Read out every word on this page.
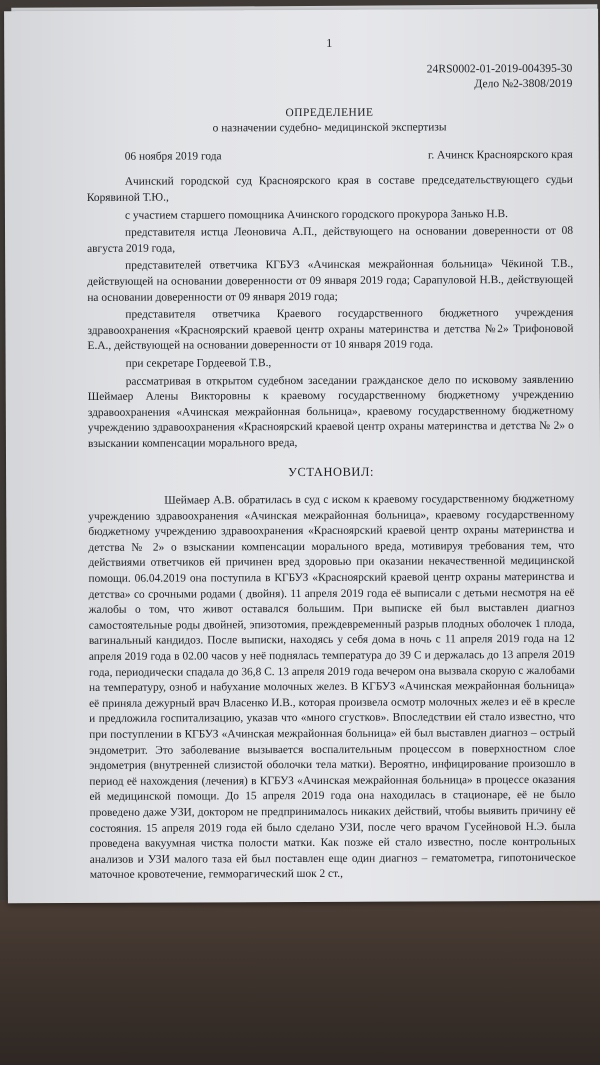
1
24RS0002-01-2019-004395-30
Дело №2-3808/2019
ОПРЕДЕЛЕНИЕ
о назначении судебно- медицинской экспертизы
06 ноября 2019 года	г. Ачинск Красноярского края

Ачинский городской суд Красноярского края в составе председательствующего судьи Корявиной Т.Ю.,

с участием старшего помощника Ачинского городского прокурора Занько Н.В.

представителя истца Леоновича А.П., действующего на основании доверенности от 08 августа 2019 года,

представителей ответчика КГБУЗ «Ачинская межрайонная больница» Чёкиной Т.В., действующей на основании доверенности от 09 января 2019 года; Сарапуловой Н.В., действующей на основании доверенности от 09 января 2019 года;

представителя ответчика Краевого государственного бюджетного учреждения здравоохранения «Красноярский краевой центр охраны материнства и детства №2» Трифоновой Е.А., действующей на основании доверенности от 10 января 2019 года.

при секретаре Гордеевой Т.В.,

рассматривая в открытом судебном заседании гражданское дело по исковому заявлению Шеймаер Алены Викторовны к краевому государственному бюджетному учреждению здравоохранения «Ачинская межрайонная больница», краевому государственному бюджетному учреждению здравоохранения «Красноярский краевой центр охраны материнства и детства № 2» о взыскании компенсации морального вреда,

УСТАНОВИЛ:

Шеймаер А.В. обратилась в суд с иском к краевому государственному бюджетному учреждению здравоохранения «Ачинская межрайонная больница», краевому государственному бюджетному учреждению здравоохранения «Красноярский краевой центр охраны материнства и детства № 2» о взыскании компенсации морального вреда, мотивируя требования тем, что действиями ответчиков ей причинен вред здоровью при оказании некачественной медицинской помощи. 06.04.2019 она поступила в КГБУЗ «Красноярский краевой центр охраны материнства и детства» со срочными родами ( двойня). 11 апреля 2019 года её выписали с детьми несмотря на её жалобы о том, что живот оставался большим. При выписке ей был выставлен диагноз самостоятельные роды двойней, эпизотомия, преждевременный разрыв плодных оболочек 1 плода, вагинальный кандидоз. После выписки, находясь у себя дома в ночь с 11 апреля 2019 года на 12 апреля 2019 года в 02.00 часов у неё поднялась температура до 39 С и держалась до 13 апреля 2019 года, периодически спадала до 36,8 С. 13 апреля 2019 года вечером она вызвала скорую с жалобами на температуру, озноб и набухание молочных желез. В КГБУЗ «Ачинская межрайонная больница» её приняла дежурный врач Власенко И.В., которая произвела осмотр молочных желез и её в кресле и предложила госпитализацию, указав что «много сгустков». Впоследствии ей стало известно, что при поступлении в КГБУЗ «Ачинская межрайонная больница» ей был выставлен диагноз – острый эндометрит. Это заболевание вызывается воспалительным процессом в поверхностном слое эндометрия (внутренней слизистой оболочки тела матки). Вероятно, инфицирование произошло в период её нахождения (лечения) в КГБУЗ «Ачинская межрайонная больница» в процессе оказания ей медицинской помощи. До 15 апреля 2019 года она находилась в стационаре, её не было проведено даже УЗИ, доктором не предпринималось никаких действий, чтобы выявить причину её состояния. 15 апреля 2019 года ей было сделано УЗИ, после чего врачом Гусейновой Н.Э. была проведена вакуумная чистка полости матки. Как позже ей стало известно, после контрольных анализов и УЗИ малого таза ей был поставлен еще один диагноз – гематометра, гипотоническое маточное кровотечение, гемморагический шок 2 ст.,
